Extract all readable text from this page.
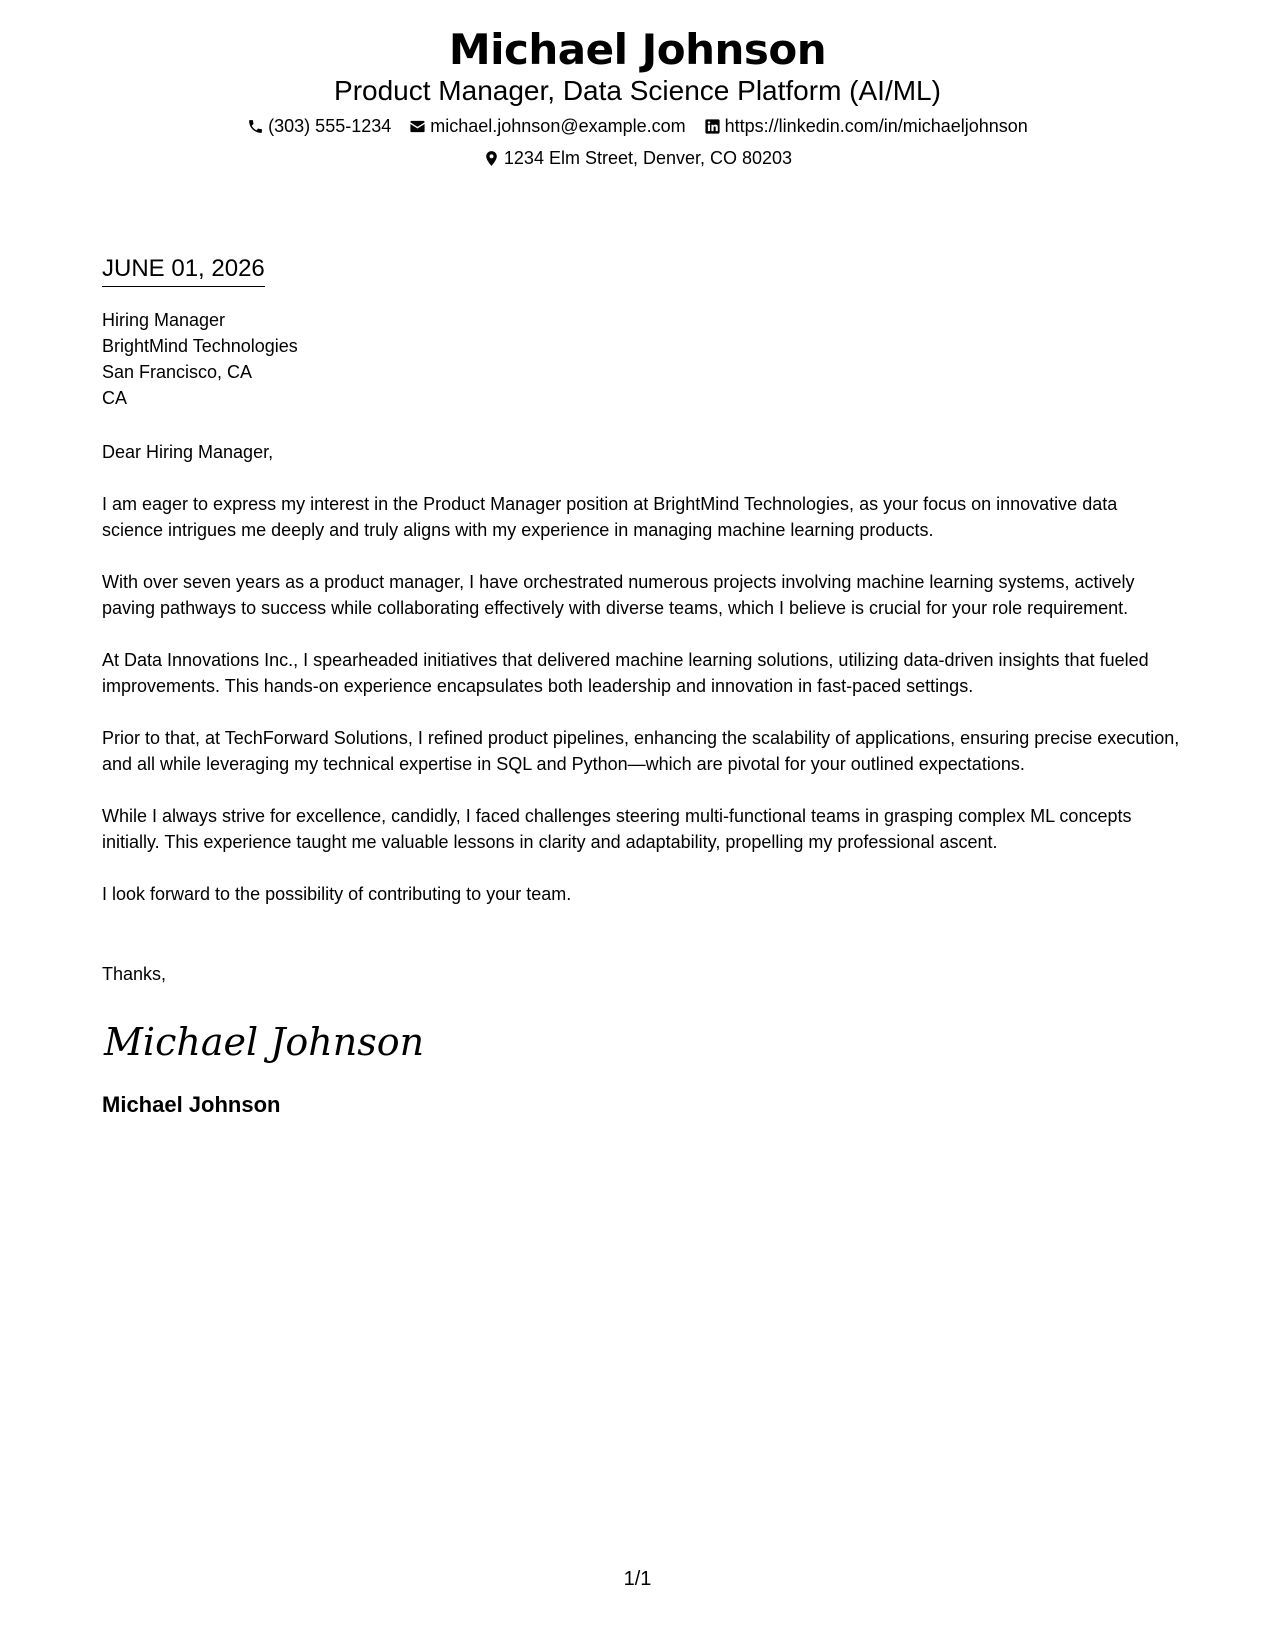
Michael Johnson
Product Manager, Data Science Platform (AI/ML)
(303) 555-1234 michael.johnson@example.com https://linkedin.com/in/michaeljohnson
1234 Elm Street, Denver, CO 80203
JUNE 01, 2026
Hiring Manager
BrightMind Technologies
San Francisco, CA
CA
Dear Hiring Manager,
I am eager to express my interest in the Product Manager position at BrightMind Technologies, as your focus on innovative data science intrigues me deeply and truly aligns with my experience in managing machine learning products.
With over seven years as a product manager, I have orchestrated numerous projects involving machine learning systems, actively paving pathways to success while collaborating effectively with diverse teams, which I believe is crucial for your role requirement.
At Data Innovations Inc., I spearheaded initiatives that delivered machine learning solutions, utilizing data-driven insights that fueled improvements. This hands-on experience encapsulates both leadership and innovation in fast-paced settings.
Prior to that, at TechForward Solutions, I refined product pipelines, enhancing the scalability of applications, ensuring precise execution, and all while leveraging my technical expertise in SQL and Python—which are pivotal for your outlined expectations.
While I always strive for excellence, candidly, I faced challenges steering multi-functional teams in grasping complex ML concepts initially. This experience taught me valuable lessons in clarity and adaptability, propelling my professional ascent.
I look forward to the possibility of contributing to your team.
Thanks,
Michael Johnson
Michael Johnson
1/1
